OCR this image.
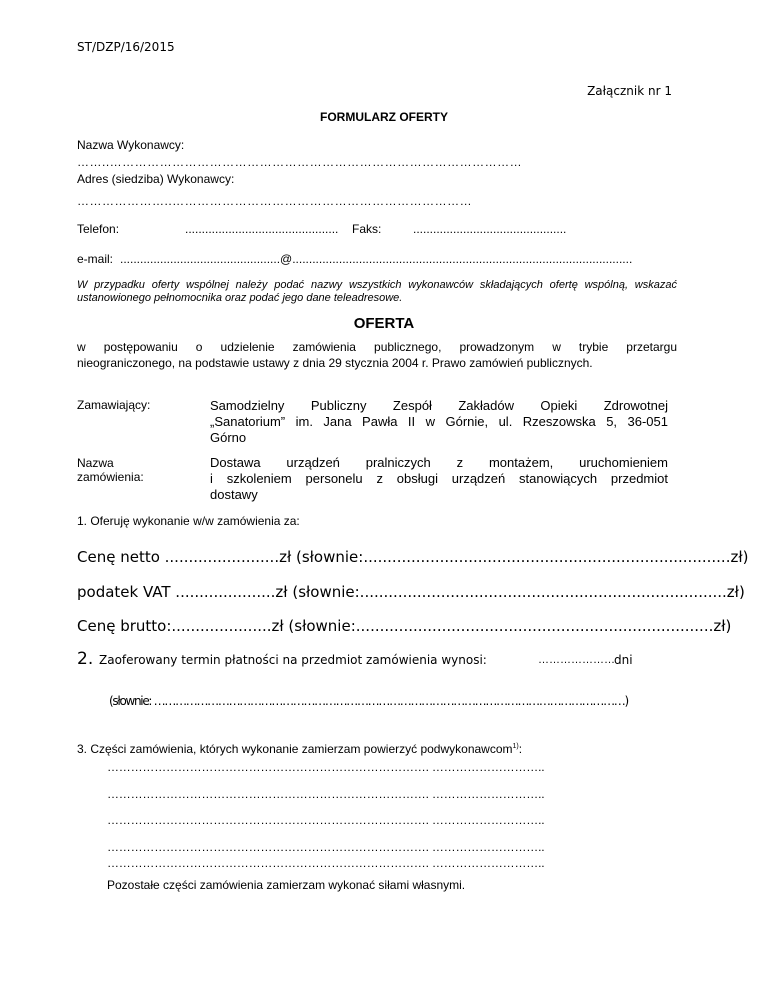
ST/DZP/16/2015
Załącznik nr 1
FORMULARZ OFERTY
Nazwa Wykonawcy:
……..………………………………………………………………………………………
Adres (siedziba) Wykonawcy:
…………………..………………………………………………………………
Telefon:	.............................................. Faks:	..............................................
e-mail: ................................................@......................................................................................................
W przypadku oferty wspólnej należy podać nazwy wszystkich wykonawców składających ofertę wspólną, wskazać ustanowionego pełnomocnika oraz podać jego dane teleadresowe.
OFERTA
w postępowaniu o udzielenie zamówienia publicznego, prowadzonym w trybie przetargu
nieograniczonego, na podstawie ustawy z dnia 29 stycznia 2004 r. Prawo zamówień publicznych.
Zamawiający:	Samodzielny Publiczny Zespół Zakładów Opieki Zdrowotnej
„Sanatorium” im. Jana Pawła II w Górnie, ul. Rzeszowska 5, 36-051
Górno
Nazwa
zamówienia:
Dostawa urządzeń pralniczych z montażem, uruchomieniem
i szkoleniem personelu z obsługi urządzeń stanowiących przedmiot
dostawy
1. Oferuję wykonanie w/w zamówienia za:
Cenę netto ........................zł (słownie:.............................................................................zł)
podatek VAT .....................zł (słownie:.............................................................................zł)
Cenę brutto:.....................zł (słownie:...........................................................................zł)
2. Zaoferowany termin płatności na przedmiot zamówienia wynosi:	………………… dni
(słownie: ……………………………………………………………………………………………………………………)
3. Części zamówienia, których wykonanie zamierzam powierzyć podwykonawcom$^{1)}$:
………………………………………………………………………. ………………………..
………………………………………………………………………. ………………………..
………………………………………………………………………. ………………………..
………………………………………………………………………. ………………………..
………………………………………………………………………. ………………………..
Pozostałe części zamówienia zamierzam wykonać siłami własnymi.
